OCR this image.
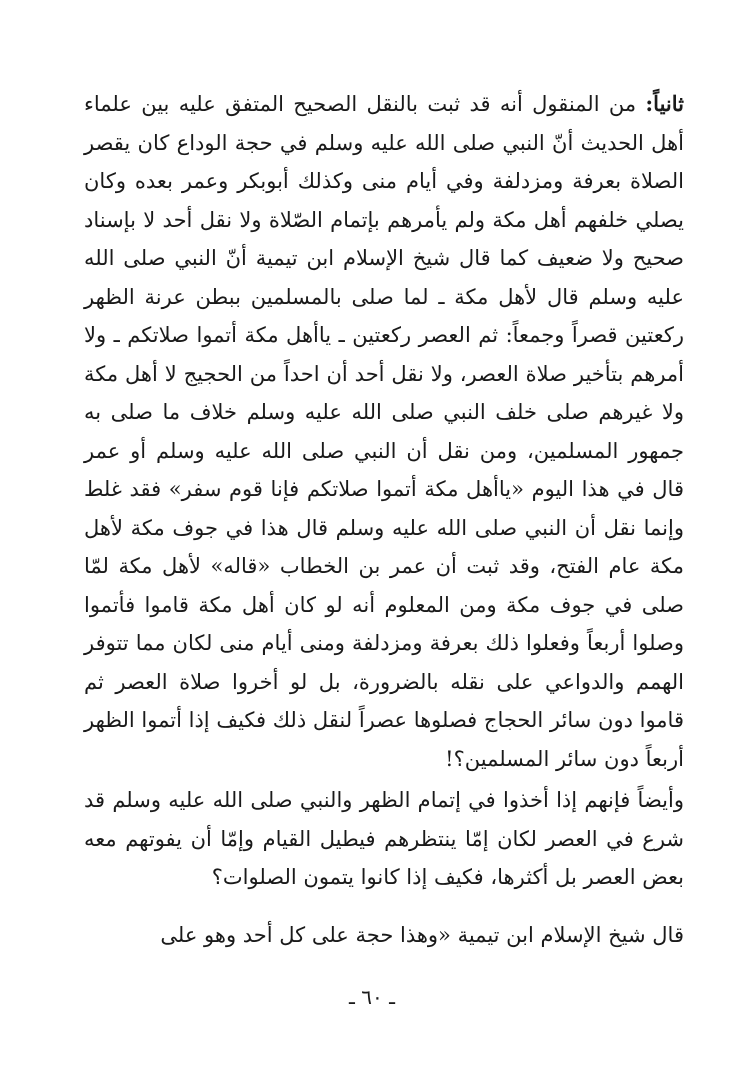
ثانياً: من المنقول أنه قد ثبت بالنقل الصحيح المتفق عليه بين علماء أهل الحديث أنّ النبي صلى الله عليه وسلم في حجة الوداع كان يقصر الصلاة بعرفة ومزدلفة وفي أيام منى وكذلك أبوبكر وعمر بعده وكان يصلي خلفهم أهل مكة ولم يأمرهم بإتمام الصّلاة ولا نقل أحد لا بإسناد صحيح ولا ضعيف كما قال شيخ الإسلام ابن تيمية أنّ النبي صلى الله عليه وسلم قال لأهل مكة ـ لما صلى بالمسلمين ببطن عرنة الظهر ركعتين قصراً وجمعاً: ثم العصر ركعتين ـ ياأهل مكة أتموا صلاتكم ـ ولا أمرهم بتأخير صلاة العصر، ولا نقل أحد أن احداً من الحجيج لا أهل مكة ولا غيرهم صلى خلف النبي صلى الله عليه وسلم خلاف ما صلى به جمهور المسلمين، ومن نقل أن النبي صلى الله عليه وسلم أو عمر قال في هذا اليوم «ياأهل مكة أتموا صلاتكم فإنا قوم سفر» فقد غلط وإنما نقل أن النبي صلى الله عليه وسلم قال هذا في جوف مكة لأهل مكة عام الفتح، وقد ثبت أن عمر بن الخطاب «قاله» لأهل مكة لمّا صلى في جوف مكة ومن المعلوم أنه لو كان أهل مكة قاموا فأتموا وصلوا أربعاً وفعلوا ذلك بعرفة ومزدلفة ومنى أيام منى لكان مما تتوفر الهمم والدواعي على نقله بالضرورة، بل لو أخروا صلاة العصر ثم قاموا دون سائر الحجاج فصلوها عصراً لنقل ذلك فكيف إذا أتموا الظهر أربعاً دون سائر المسلمين؟!

وأيضاً فإنهم إذا أخذوا في إتمام الظهر والنبي صلى الله عليه وسلم قد شرع في العصر لكان إمّا ينتظرهم فيطيل القيام وإمّا أن يفوتهم معه بعض العصر بل أكثرها، فكيف إذا كانوا يتمون الصلوات؟

قال شيخ الإسلام ابن تيمية «وهذا حجة على كل أحد وهو على

ـ ٦٠ ـ
